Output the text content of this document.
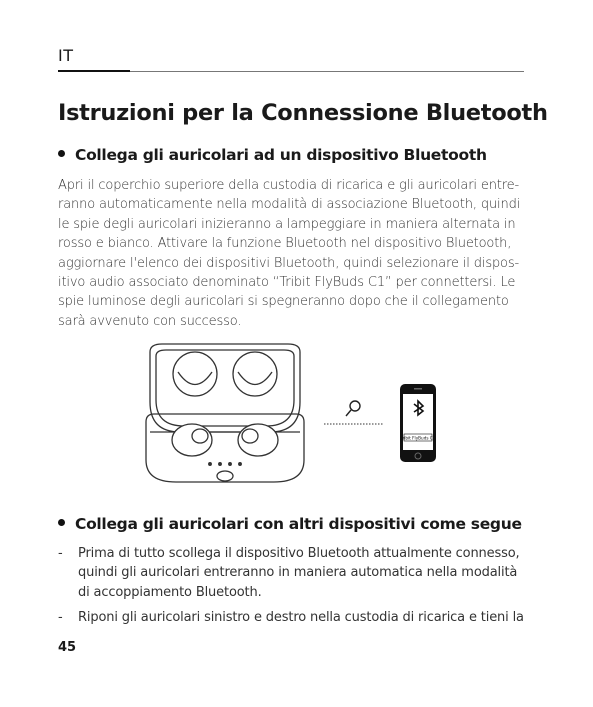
IT
Istruzioni per la Connessione Bluetooth
Collega gli auricolari ad un dispositivo Bluetooth
Apri il coperchio superiore della custodia di ricarica e gli auricolari entre-
ranno automaticamente nella modalità di associazione Bluetooth, quindi
le spie degli auricolari inizieranno a lampeggiare in maniera alternata in
rosso e bianco. Attivare la funzione Bluetooth nel dispositivo Bluetooth,
aggiornare l'elenco dei dispositivi Bluetooth, quindi selezionare il dispos-
itivo audio associato denominato “Tribit FlyBuds C1” per connettersi. Le
spie luminose degli auricolari si spegneranno dopo che il collegamento
sarà avvenuto con successo.
Tribit FlyBuds C1
Collega gli auricolari con altri dispositivi come segue
-	Prima di tutto scollega il dispositivo Bluetooth attualmente connesso,
quindi gli auricolari entreranno in maniera automatica nella modalità
di accoppiamento Bluetooth.
-	Riponi gli auricolari sinistro e destro nella custodia di ricarica e tieni la
45
